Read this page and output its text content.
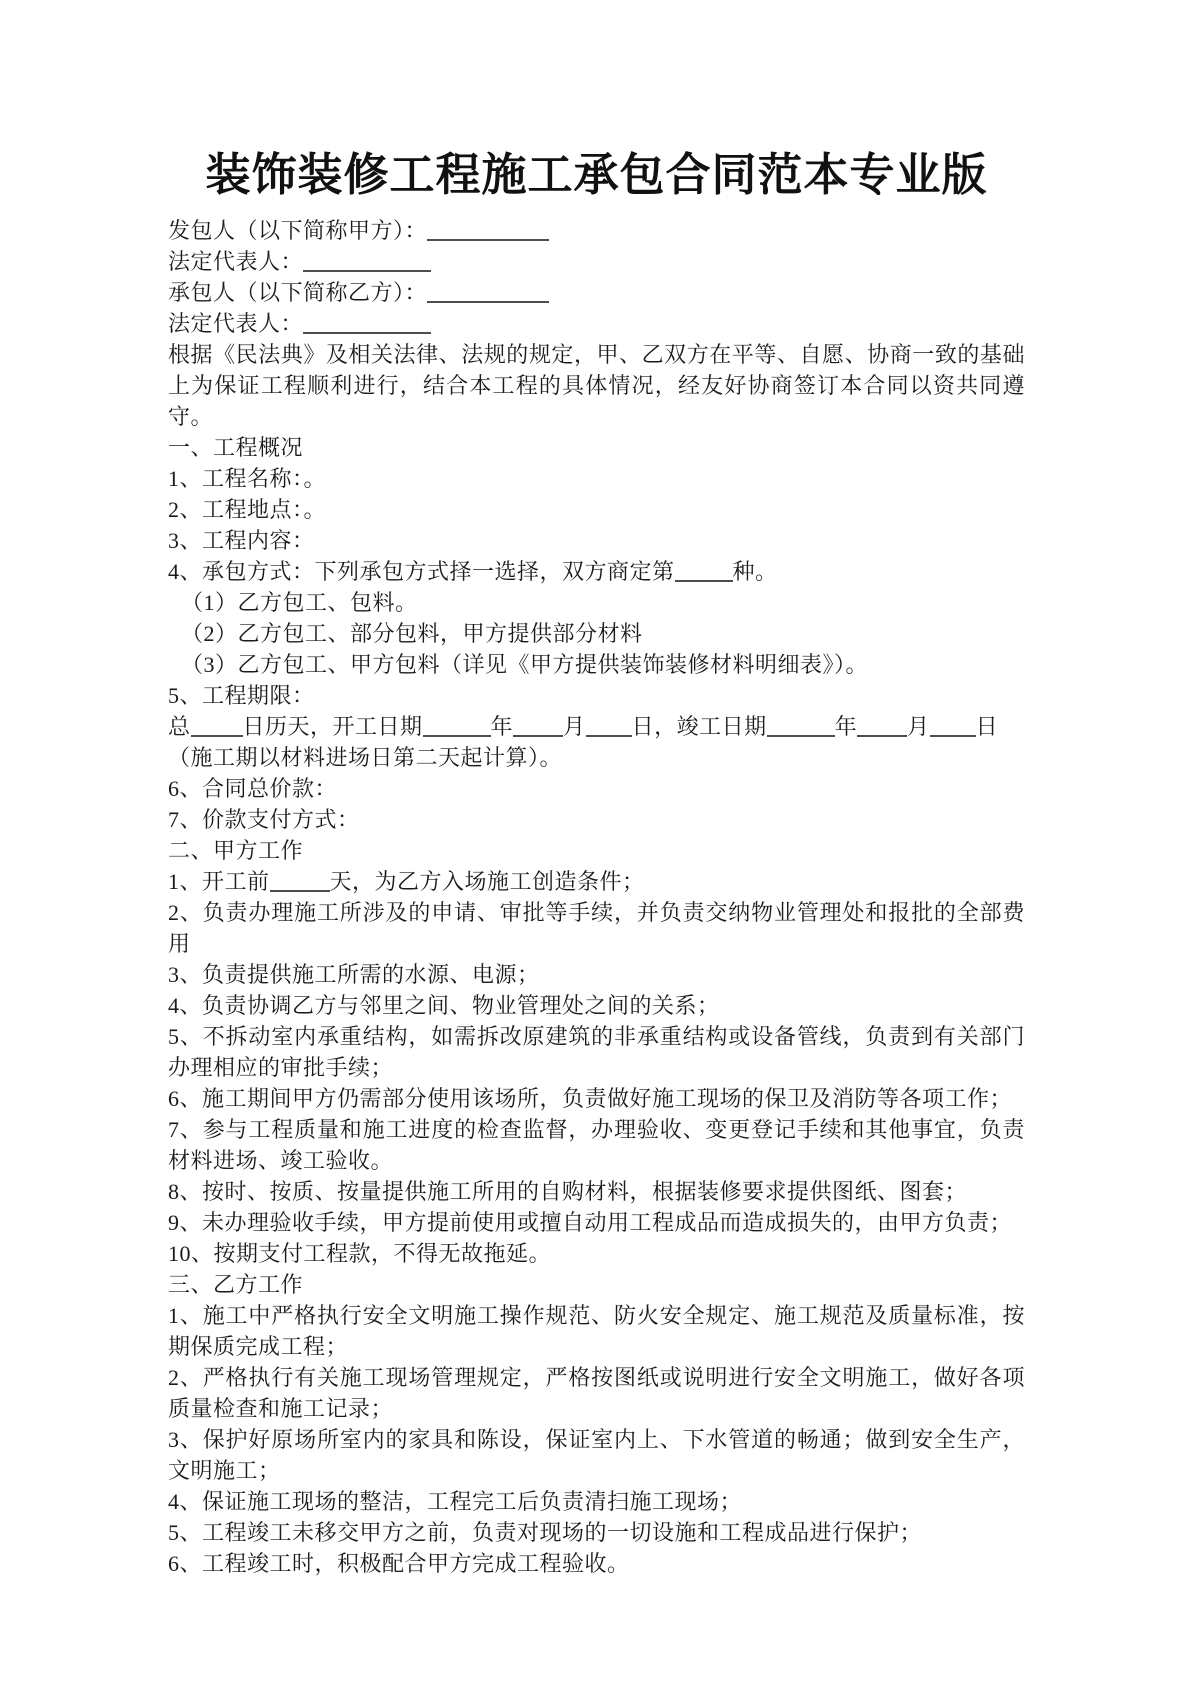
装饰装修工程施工承包合同范本专业版

发包人（以下简称甲方）：

法定代表人：

承包人（以下简称乙方）：

法定代表人：

根据《民法典》及相关法律、法规的规定，甲、乙双方在平等、自愿、协商一致的基础上为保证工程顺利进行，结合本工程的具体情况，经友好协商签订本合同以资共同遵守。

一、工程概况

1、工程名称：。

2、工程地点：。

3、工程内容：

4、承包方式：下列承包方式择一选择，双方商定第	种。

（1）乙方包工、包料。

（2）乙方包工、部分包料，甲方提供部分材料

（3）乙方包工、甲方包料（详见《甲方提供装饰装修材料明细表》）。

5、工程期限：

总 日历天，开工日期	年 月 日，竣工日期	年 月 日

（施工期以材料进场日第二天起计算）。

6、合同总价款：

7、价款支付方式：

二、甲方工作

1、开工前	天，为乙方入场施工创造条件；

2、负责办理施工所涉及的申请、审批等手续，并负责交纳物业管理处和报批的全部费用

3、负责提供施工所需的水源、电源；

4、负责协调乙方与邻里之间、物业管理处之间的关系；

5、不拆动室内承重结构，如需拆改原建筑的非承重结构或设备管线，负责到有关部门办理相应的审批手续；

6、施工期间甲方仍需部分使用该场所，负责做好施工现场的保卫及消防等各项工作；

7、参与工程质量和施工进度的检查监督，办理验收、变更登记手续和其他事宜，负责材料进场、竣工验收。

8、按时、按质、按量提供施工所用的自购材料，根据装修要求提供图纸、图套；

9、未办理验收手续，甲方提前使用或擅自动用工程成品而造成损失的，由甲方负责；

10、按期支付工程款，不得无故拖延。

三、乙方工作

1、施工中严格执行安全文明施工操作规范、防火安全规定、施工规范及质量标准，按期保质完成工程；

2、严格执行有关施工现场管理规定，严格按图纸或说明进行安全文明施工，做好各项质量检查和施工记录；

3、保护好原场所室内的家具和陈设，保证室内上、下水管道的畅通；做到安全生产，文明施工；

4、保证施工现场的整洁，工程完工后负责清扫施工现场；

5、工程竣工未移交甲方之前，负责对现场的一切设施和工程成品进行保护；

6、工程竣工时，积极配合甲方完成工程验收。
